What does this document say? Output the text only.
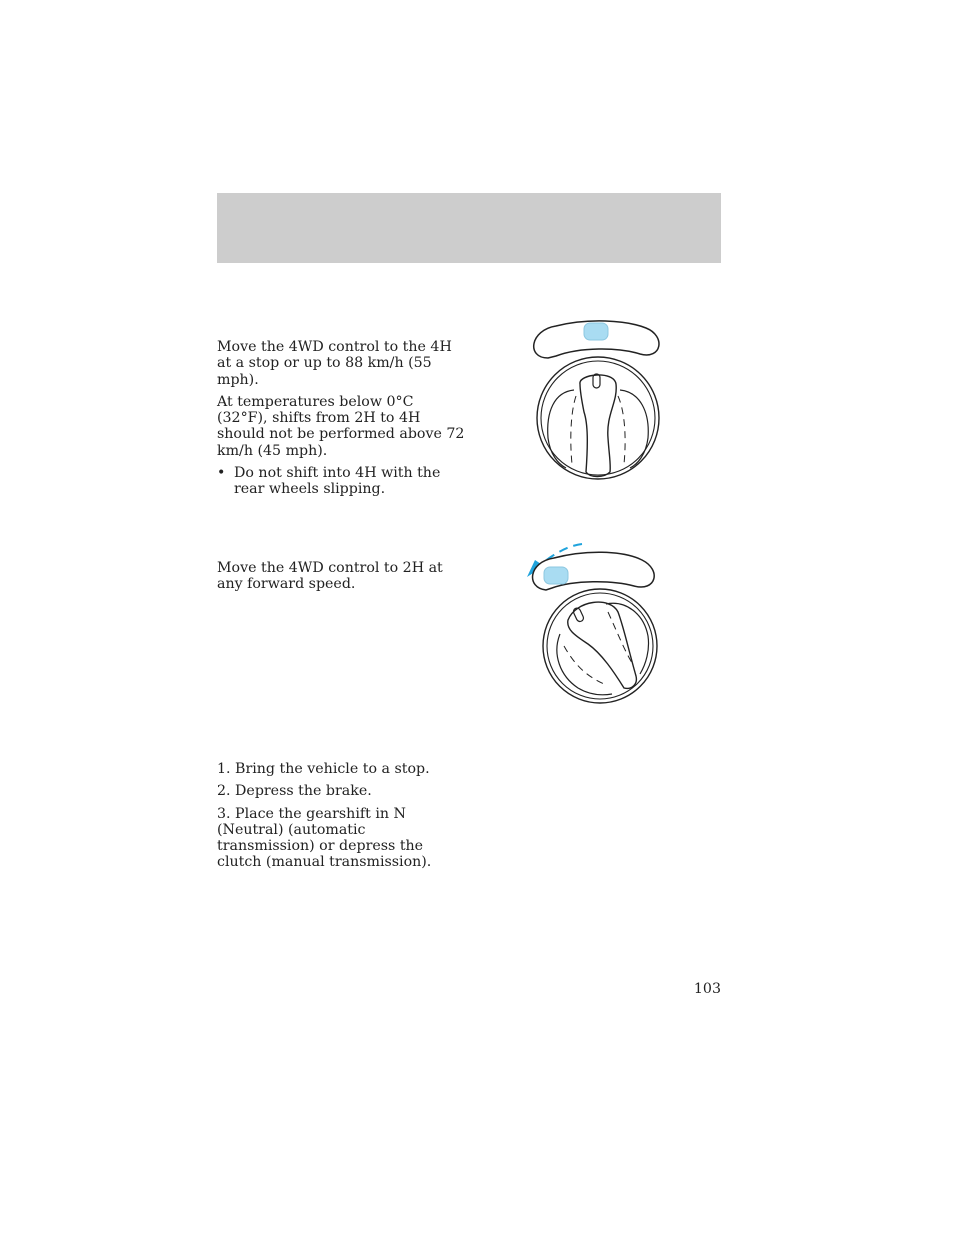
Move the 4WD control to the 4H at a stop or up to 88 km/h (55 mph).

At temperatures below 0°C (32°F), shifts from 2H to 4H should not be performed above 72 km/h (45 mph).

• Do not shift into 4H with the rear wheels slipping.

Move the 4WD control to 2H at any forward speed.

1. Bring the vehicle to a stop.

2. Depress the brake.

3. Place the gearshift in N (Neutral) (automatic transmission) or depress the clutch (manual transmission).

103
